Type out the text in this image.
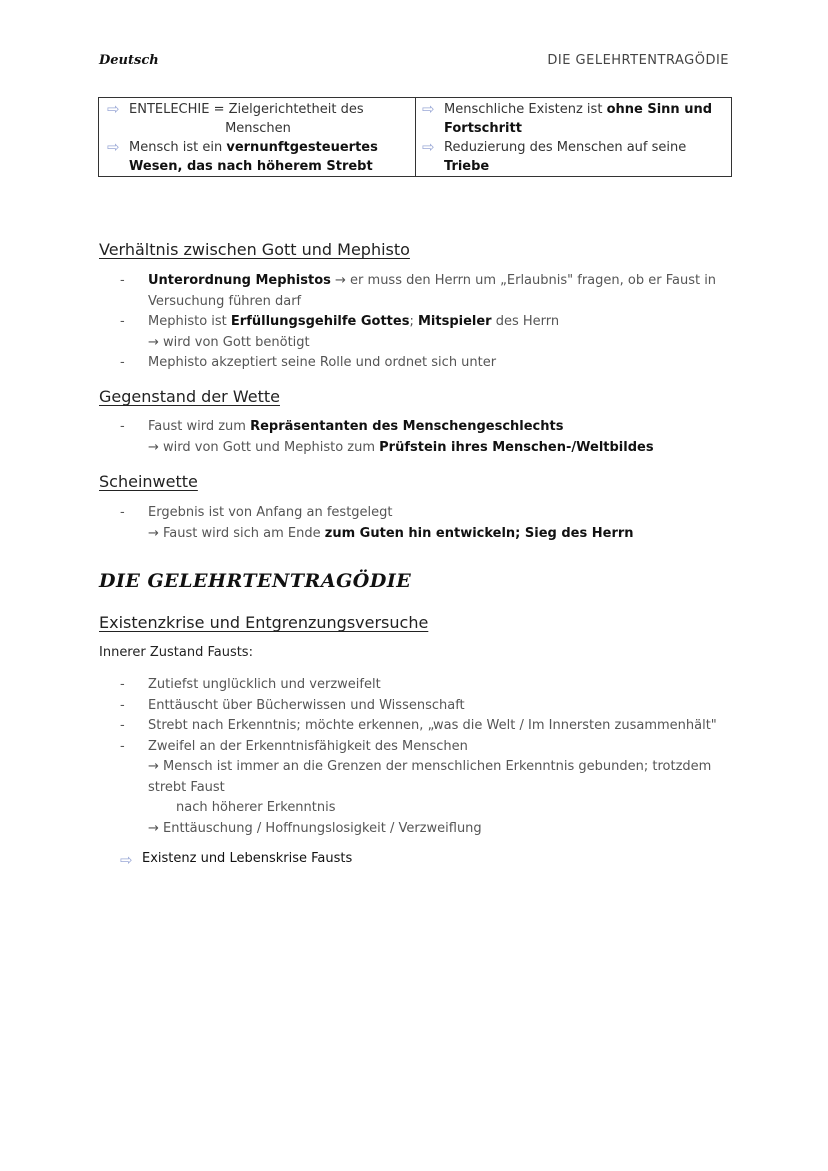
Deutsch	DIE GELEHRTENTRAGÖDIE
⇨ ENTELECHIE = Zielgerichtetheit des
Menschen
⇨ Mensch ist ein vernunftgesteuertes
Wesen, das nach höherem Strebt
⇨ Menschliche Existenz ist ohne Sinn und
Fortschritt
⇨ Reduzierung des Menschen auf seine
Triebe
Verhältnis zwischen Gott und Mephisto
- Unterordnung Mephistos → er muss den Herrn um „Erlaubnis" fragen, ob er Faust in
Versuchung führen darf
- Mephisto ist Erfüllungsgehilfe Gottes; Mitspieler des Herrn
→ wird von Gott benötigt
- Mephisto akzeptiert seine Rolle und ordnet sich unter
Gegenstand der Wette
- Faust wird zum Repräsentanten des Menschengeschlechts
→ wird von Gott und Mephisto zum Prüfstein ihres Menschen-/Weltbildes
Scheinwette
- Ergebnis ist von Anfang an festgelegt
→ Faust wird sich am Ende zum Guten hin entwickeln; Sieg des Herrn
DIE GELEHRTENTRAGÖDIE
Existenzkrise und Entgrenzungsversuche
Innerer Zustand Fausts:
- Zutiefst unglücklich und verzweifelt
- Enttäuscht über Bücherwissen und Wissenschaft
- Strebt nach Erkenntnis; möchte erkennen, „was die Welt / Im Innersten zusammenhält"
- Zweifel an der Erkenntnisfähigkeit des Menschen
→ Mensch ist immer an die Grenzen der menschlichen Erkenntnis gebunden; trotzdem
strebt Faust
nach höherer Erkenntnis
→ Enttäuschung / Hoffnungslosigkeit / Verzweiflung
⇨ Existenz und Lebenskrise Fausts
